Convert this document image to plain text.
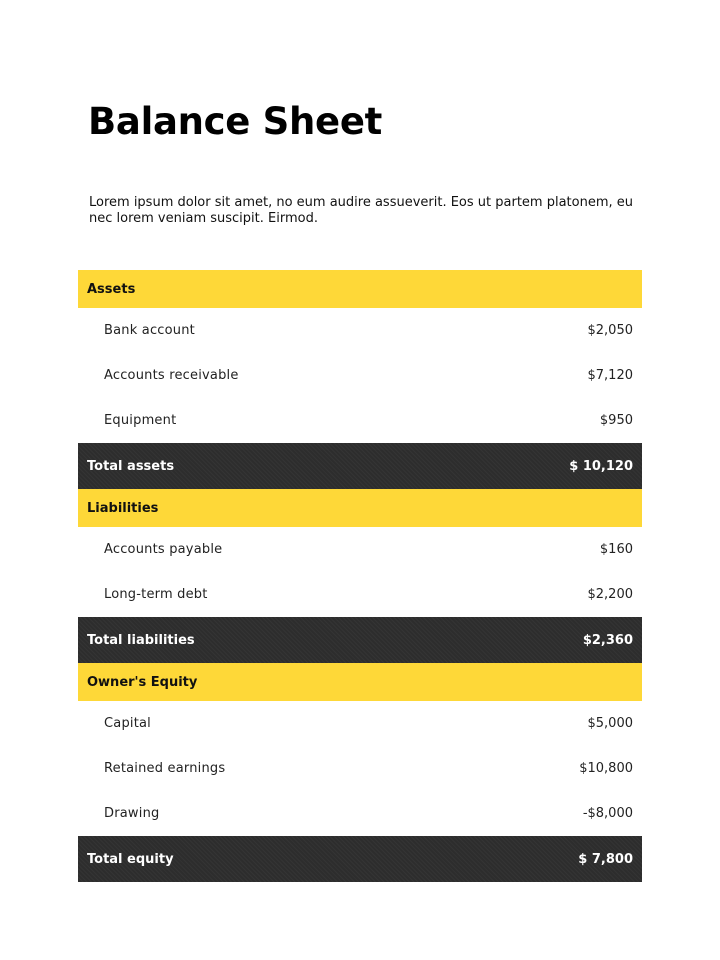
Balance Sheet

Lorem ipsum dolor sit amet, no eum audire assueverit. Eos ut partem platonem, eu nec lorem veniam suscipit. Eirmod.

Assets
Bank account	$2,050
Accounts receivable	$7,120
Equipment	$950
Total assets	$ 10,120
Liabilities
Accounts payable	$160
Long-term debt	$2,200
Total liabilities	$2,360
Owner's Equity
Capital	$5,000
Retained earnings	$10,800
Drawing	-$8,000
Total equity	$ 7,800
